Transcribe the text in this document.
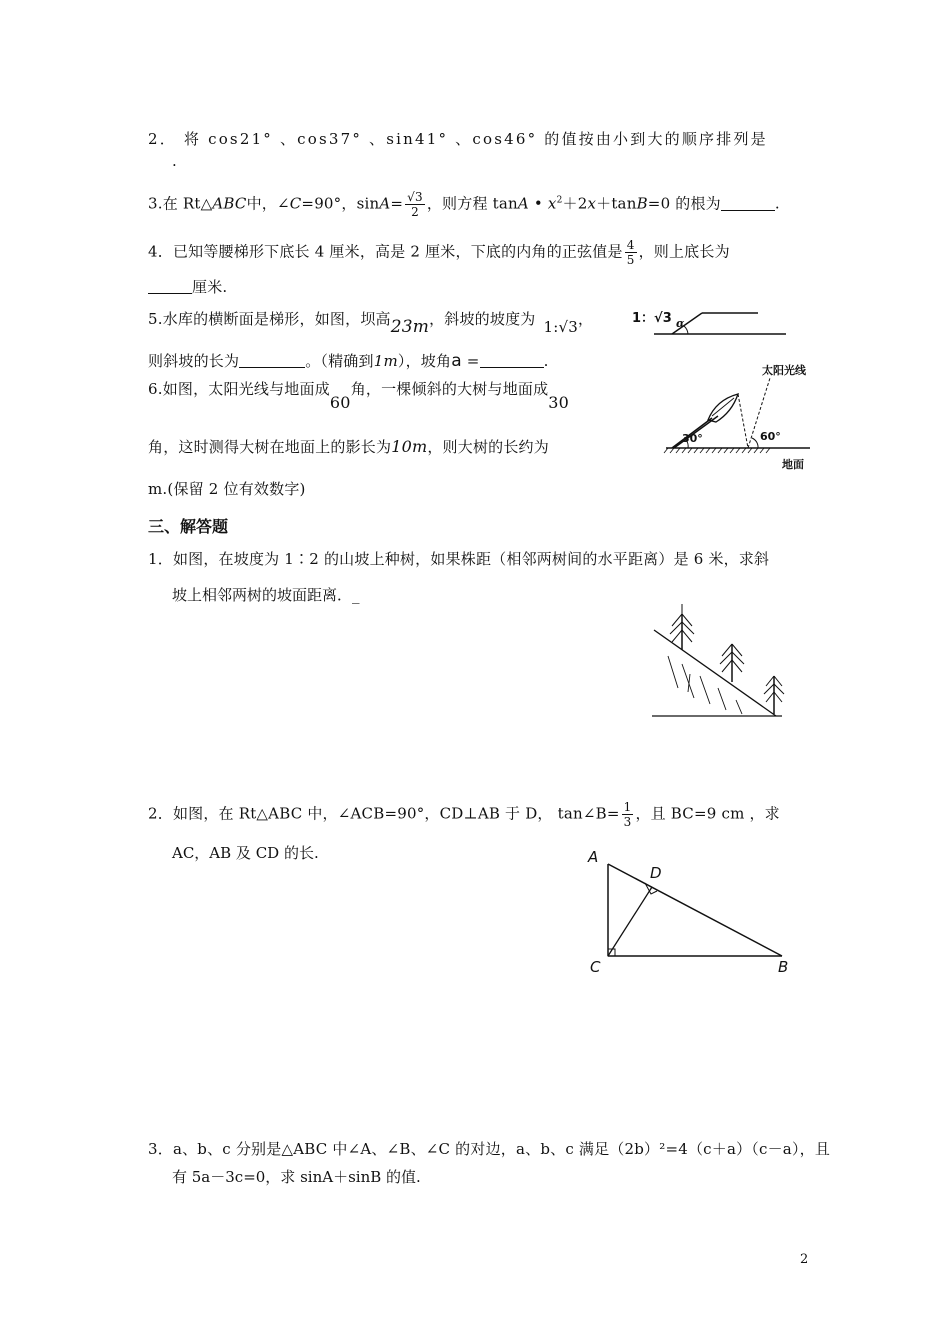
2． 将 cos21° 、cos37° 、sin41° 、cos46° 的值按由小到大的顺序排列是
.
3.在 Rt△ABC中，∠C=90°，$\sin A= \frac{√3}{2}$ ，则方程 tanA • $x^2+2x+\tan B=0$ 的根为	.
4．已知等腰梯形下底长 4 厘米，高是 2 厘米，下底的内角的正弦值是 $\frac{4}{5}$ ，则上底长为
厘米.
5.水库的横断面是梯形，如图，坝高23m，斜坡的坡度为 1:√3，	1：√3 α
则斜坡的长为	。（精确到1m），坡角a =	.
6.如图，太阳光线与地面成60角，一棵倾斜的大树与地面成30
角，这时测得大树在地面上的影长为10m，则大树的长约为
m.(保留 2 位有效数字)
太阳光线
30°	60°
地面
三、解答题
1．如图，在坡度为 1∶2 的山坡上种树，如果株距（相邻两树间的水平距离）是 6 米，求斜
坡上相邻两树的坡面距离．_
2．如图，在 Rt△ABC 中，∠ACB=90°，CD⊥AB 于 D， tan∠B= $\frac{1}{3}$ ，且 BC=9 cm ，求
AC，AB 及 CD 的长.	A
D
C	B
3．a、b、c 分别是△ABC 中∠A、∠B、∠C 的对边，a、b、c 满足（2b）²=4（c＋a）（c－a），且
有 5a－3c=0，求 sinA＋sinB 的值.
2
